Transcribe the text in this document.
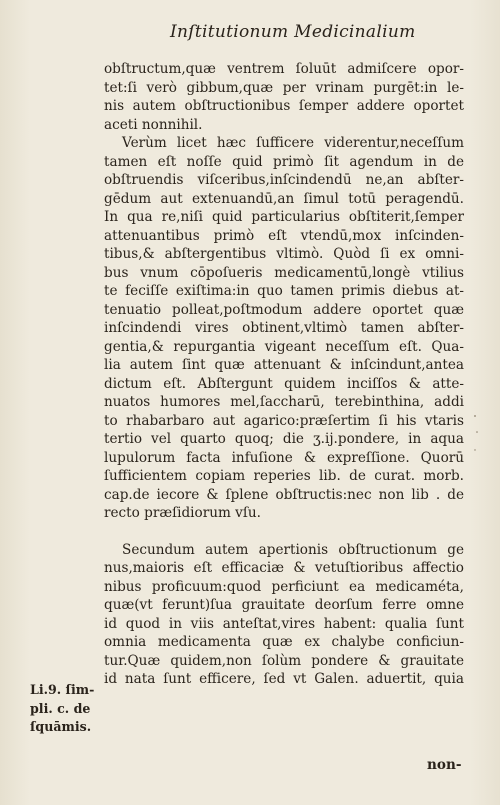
Inſtitutionum Medicinalium
obſtructum,quæ ventrem ſoluūt admiſcere opor-
tet:ſi verò gibbum,quæ per vrinam purgēt:in le-
nis autem obſtructionibus ſemper addere oportet
aceti nonnihil.
Verùm licet hæc ſufficere viderentur,neceſſum
tamen eſt noſſe quid primò ſit agendum in de
obſtruendis viſceribus,inſcindendū ne,an abſter-
gēdum aut extenuandū,an ſimul totū peragendū.
In qua re,niſi quid particularius obſtiterit,ſemper
attenuantibus primò eſt vtendū,mox inſcinden-
tibus,& abſtergentibus vltimò. Quòd ſi ex omni-
bus vnum cōpoſueris medicamentū,longè vtilius
te feciſſe exiſtima:in quo tamen primis diebus at-
tenuatio polleat,poſtmodum addere oportet quæ
inſcindendi vires obtinent,vltimò tamen abſter-
gentia,& repurgantia vigeant neceſſum eſt. Qua-
lia autem ſint quæ attenuant & inſcindunt,antea
dictum eſt. Abſtergunt quidem inciſſos & atte-
nuatos humores mel,ſaccharū, terebinthina, addi
to rhabarbaro aut agarico:præſertim ſi his vtaris
tertio vel quarto quoq; die ʒ.ij.pondere, in aqua
lupulorum facta infuſione & expreſſione. Quorū
ſufficientem copiam reperies lib. de curat. morb.
cap.de iecore & ſplene obſtructis:nec non lib . de
recto præſidiorum vſu.
Secundum autem apertionis obſtructionum ge
nus,maioris eſt efficaciæ & vetuſtioribus affectio
nibus proficuum:quod perficiunt ea medicaméta,
quæ(vt ferunt)ſua grauitate deorſum ferre omne
id quod in viis anteſtat,vires habent: qualia ſunt
omnia medicamenta quæ ex chalybe conficiun-
tur.Quæ quidem,non ſolùm pondere & grauitate
id nata ſunt efficere, ſed vt Galen. aduertit, quia
Li.9. ſim-
pli. c. de
ſquāmis.
non-
